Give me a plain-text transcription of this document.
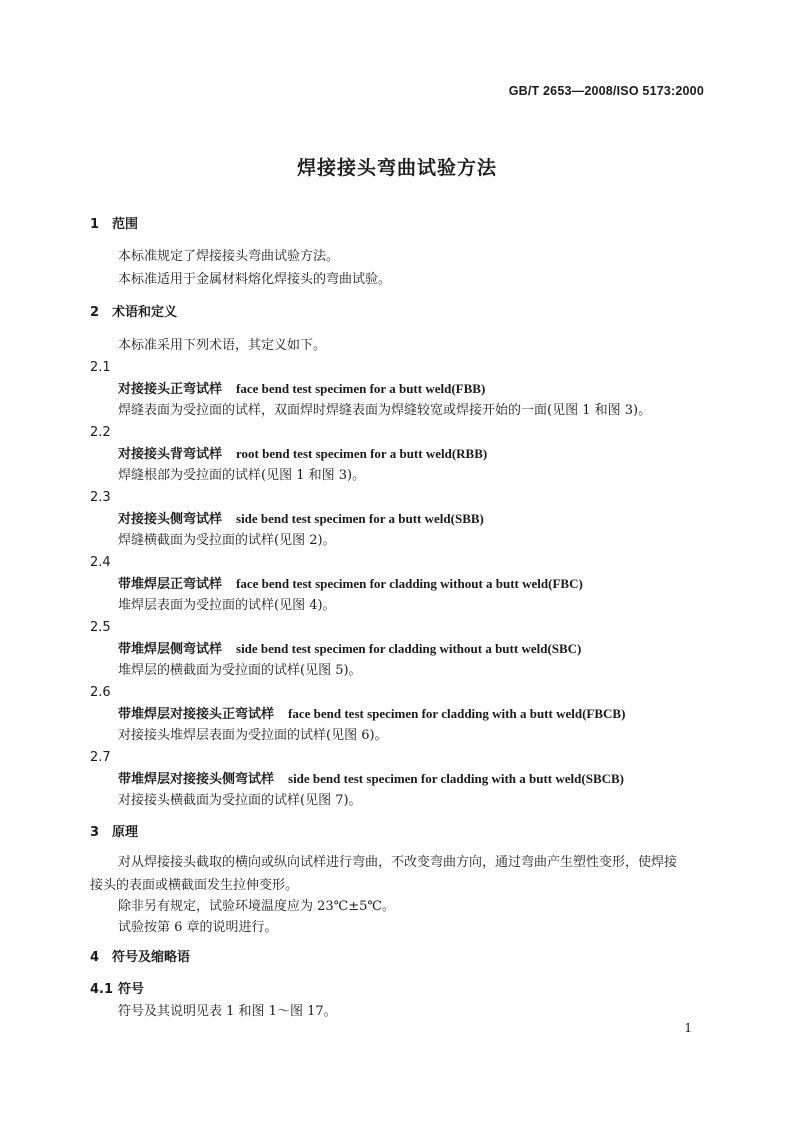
GB/T 2653—2008/ISO 5173:2000
焊接接头弯曲试验方法
1 范围
本标准规定了焊接接头弯曲试验方法。
本标准适用于金属材料熔化焊接头的弯曲试验。
2 术语和定义
本标准采用下列术语，其定义如下。
2.1
对接接头正弯试样 face bend test specimen for a butt weld(FBB)
焊缝表面为受拉面的试样，双面焊时焊缝表面为焊缝较宽或焊接开始的一面(见图 1 和图 3)。
2.2
对接接头背弯试样 root bend test specimen for a butt weld(RBB)
焊缝根部为受拉面的试样(见图 1 和图 3)。
2.3
对接接头侧弯试样 side bend test specimen for a butt weld(SBB)
焊缝横截面为受拉面的试样(见图 2)。
2.4
带堆焊层正弯试样 face bend test specimen for cladding without a butt weld(FBC)
堆焊层表面为受拉面的试样(见图 4)。
2.5
带堆焊层侧弯试样 side bend test specimen for cladding without a butt weld(SBC)
堆焊层的横截面为受拉面的试样(见图 5)。
2.6
带堆焊层对接接头正弯试样 face bend test specimen for cladding with a butt weld(FBCB)
对接接头堆焊层表面为受拉面的试样(见图 6)。
2.7
带堆焊层对接接头侧弯试样 side bend test specimen for cladding with a butt weld(SBCB)
对接接头横截面为受拉面的试样(见图 7)。
3 原理
对从焊接接头截取的横向或纵向试样进行弯曲，不改变弯曲方向，通过弯曲产生塑性变形，使焊接
接头的表面或横截面发生拉伸变形。
除非另有规定，试验环境温度应为 23℃±5℃。
试验按第 6 章的说明进行。
4 符号及缩略语
4.1 符号
符号及其说明见表 1 和图 1～图 17。
1
